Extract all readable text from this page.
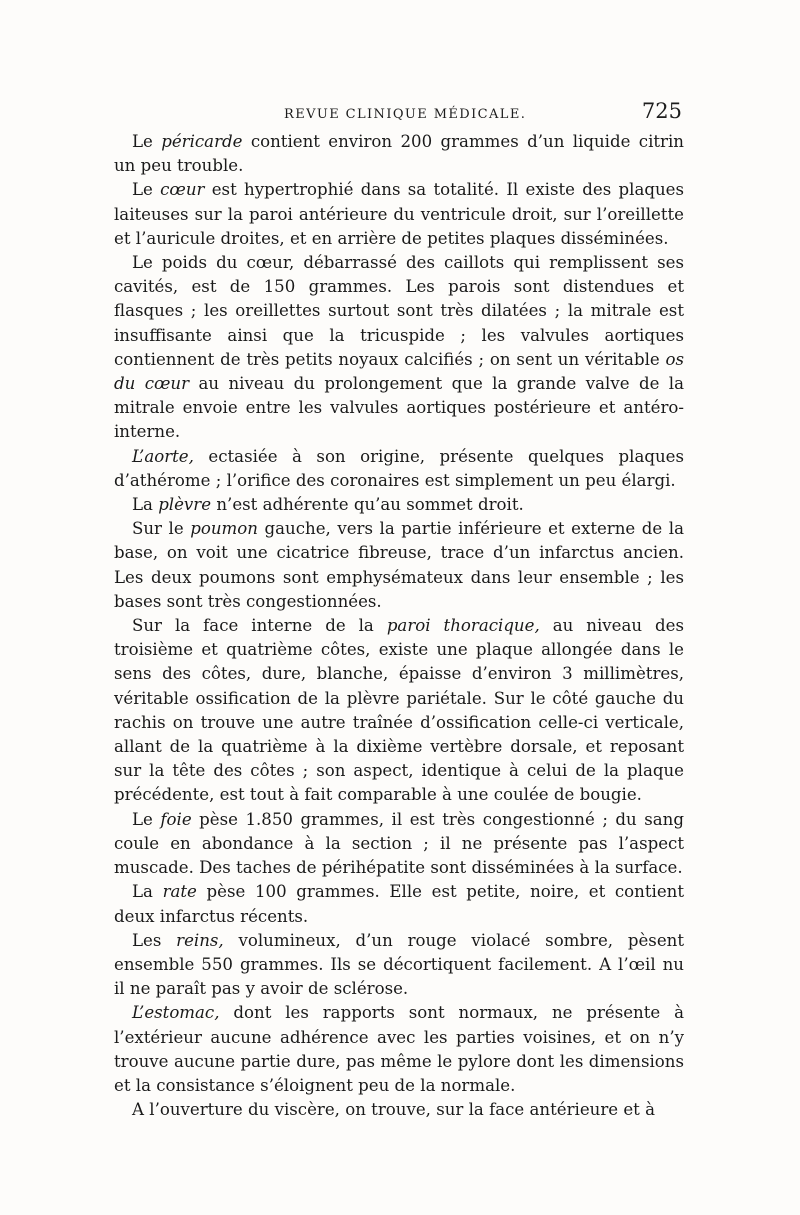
REVUE CLINIQUE MÉDICALE.	725

Le péricarde contient environ 200 grammes d’un liquide citrin un peu trouble.

Le cœur est hypertrophié dans sa totalité. Il existe des plaques laiteuses sur la paroi antérieure du ventricule droit, sur l’oreillette et l’auricule droites, et en arrière de petites plaques disséminées.

Le poids du cœur, débarrassé des caillots qui remplissent ses cavités, est de 150 grammes. Les parois sont distendues et flasques ; les oreillettes surtout sont très dilatées ; la mitrale est insuffisante ainsi que la tricuspide ; les valvules aortiques contiennent de très petits noyaux calcifiés ; on sent un véritable os du cœur au niveau du prolongement que la grande valve de la mitrale envoie entre les valvules aortiques postérieure et antéro-interne.

L’aorte, ectasiée à son origine, présente quelques plaques d’athérome ; l’orifice des coronaires est simplement un peu élargi.

La plèvre n’est adhérente qu’au sommet droit.

Sur le poumon gauche, vers la partie inférieure et externe de la base, on voit une cicatrice fibreuse, trace d’un infarctus ancien. Les deux poumons sont emphysémateux dans leur ensemble ; les bases sont très congestionnées.

Sur la face interne de la paroi thoracique, au niveau des troisième et quatrième côtes, existe une plaque allongée dans le sens des côtes, dure, blanche, épaisse d’environ 3 millimètres, véritable ossification de la plèvre pariétale. Sur le côté gauche du rachis on trouve une autre traînée d’ossification celle-ci verticale, allant de la quatrième à la dixième vertèbre dorsale, et reposant sur la tête des côtes ; son aspect, identique à celui de la plaque précédente, est tout à fait comparable à une coulée de bougie.

Le foie pèse 1.850 grammes, il est très congestionné ; du sang coule en abondance à la section ; il ne présente pas l’aspect muscade. Des taches de périhépatite sont disséminées à la surface.

La rate pèse 100 grammes. Elle est petite, noire, et contient deux infarctus récents.

Les reins, volumineux, d’un rouge violacé sombre, pèsent ensemble 550 grammes. Ils se décortiquent facilement. A l’œil nu il ne paraît pas y avoir de sclérose.

L’estomac, dont les rapports sont normaux, ne présente à l’extérieur aucune adhérence avec les parties voisines, et on n’y trouve aucune partie dure, pas même le pylore dont les dimensions et la consistance s’éloignent peu de la normale.

A l’ouverture du viscère, on trouve, sur la face antérieure et à
